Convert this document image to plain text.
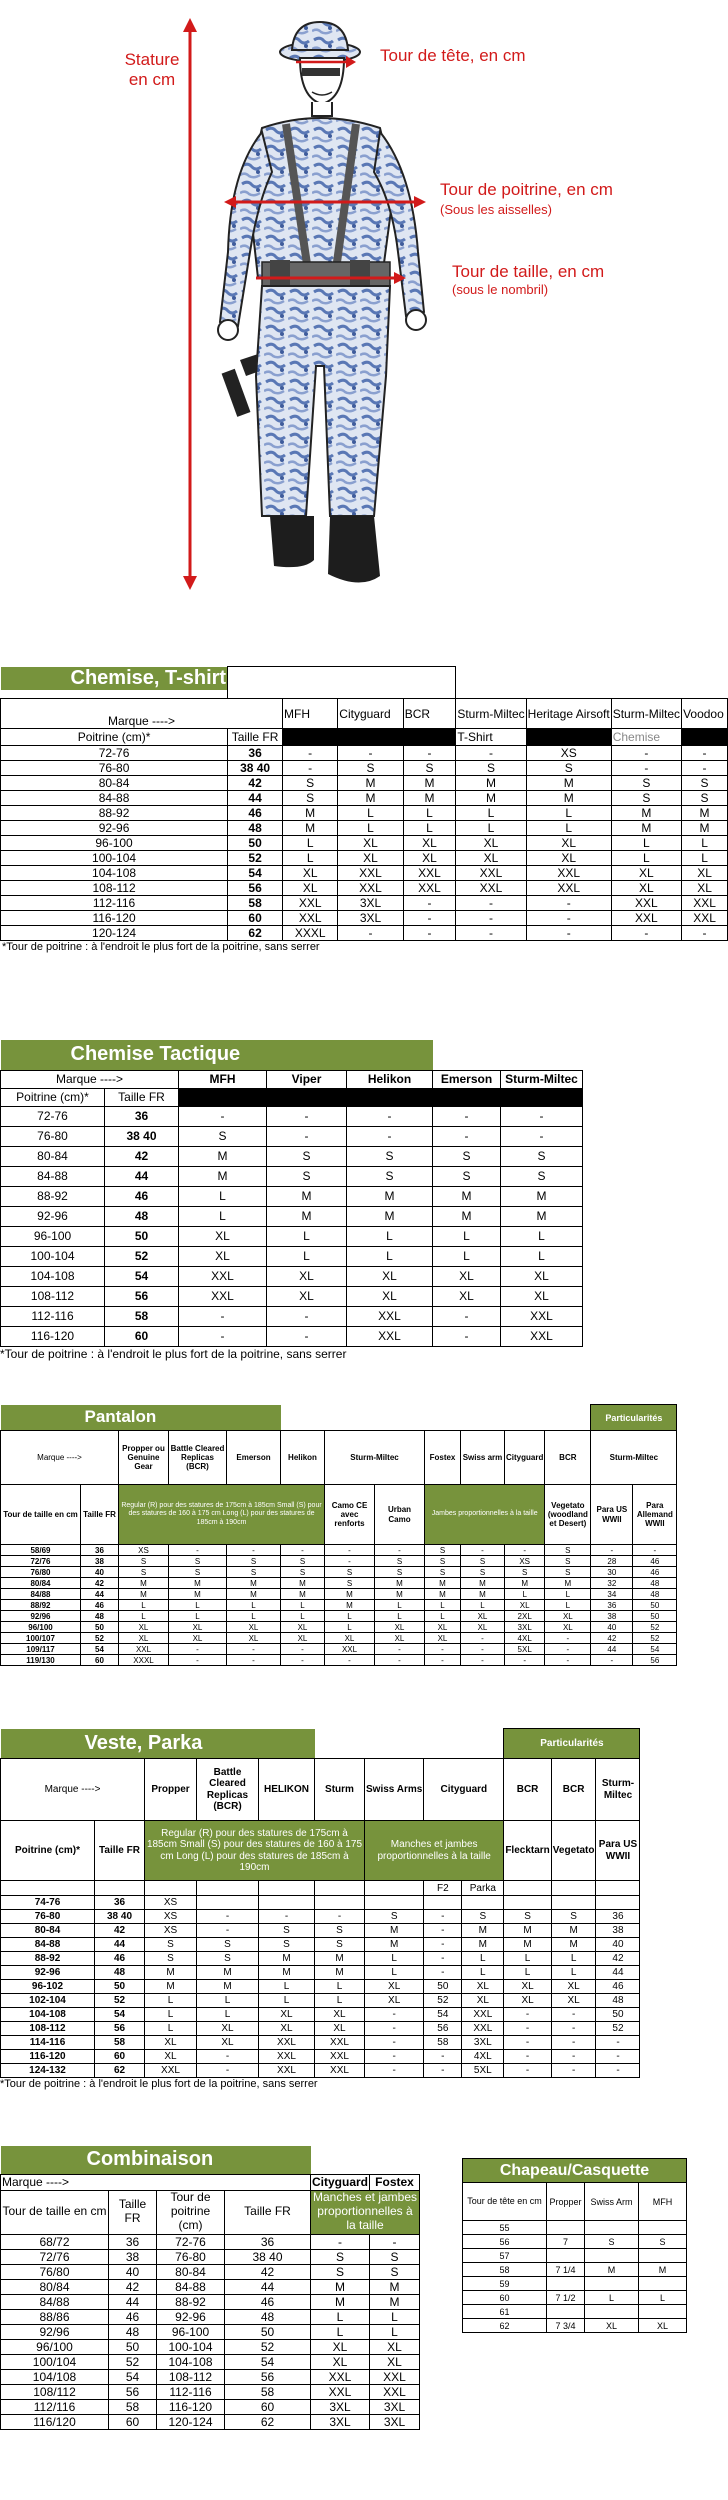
Stature
en cm
Tour de tête, en cm
Tour de poitrine, en cm
(Sous les aisselles)
Tour de taille, en cm
(sous le nombril)
Chemise, T-shirt

Marque ---->		MFH	Cityguard	BCR	Sturm-Miltec	Heritage Airsoft	Sturm-Miltec	Voodoo
Poitrine (cm)*	Taille FR				T-Shirt		Chemise	
72-76	36	-	-	-	-	XS	-	-
76-80	38 40	-	S	S	S	S	-	-
80-84	42	S	M	M	M	M	S	S
84-88	44	S	M	M	M	M	S	S
88-92	46	M	L	L	L	L	M	M
92-96	48	M	L	L	L	L	M	M
96-100	50	L	XL	XL	XL	XL	L	L
100-104	52	L	XL	XL	XL	XL	L	L
104-108	54	XL	XXL	XXL	XXL	XXL	XL	XL
108-112	56	XL	XXL	XXL	XXL	XXL	XL	XL
112-116	58	XXL	3XL	-	-	-	XXL	XXL
116-120	60	XXL	3XL	-	-	-	XXL	XXL
120-124	62	XXXL	-	-	-	-	-	-
*Tour de poitrine : à l'endroit le plus fort de la poitrine, sans serrer
Chemise Tactique						
Marque ---->		MFH	Viper	Helikon	Emerson	Sturm-Miltec
Poitrine (cm)*	Taille FR					
72-76	36	-	-	-	-	-
76-80	38 40	S	-	-	-	-
80-84	42	M	S	S	S	S
84-88	44	M	S	S	S	S
88-92	46	L	M	M	M	M
92-96	48	L	M	M	M	M
96-100	50	XL	L	L	L	L
100-104	52	XL	L	L	L	L
104-108	54	XXL	XL	XL	XL	XL
108-112	56	XXL	XL	XL	XL	XL
112-116	58	-	-	XXL	-	XXL
116-120	60	-	-	XXL	-	XXL
*Tour de poitrine : à l'endroit le plus fort de la poitrine, sans serrer
Pantalon												Particularités	
Marque ---->		Propper ou Genuine Gear	Battle Cleared Replicas (BCR)	Emerson	Helikon	Sturm-Miltec		Fostex	Swiss arm	Cityguard	BCR	Sturm-Miltec	
Tour de taille en cm	Taille FR	Regular (R) pour des statures de 175cm à 185cm Small (S) pour des statures de 160 à 175 cm Long (L) pour des statures de 185cm à 190cm				Camo CE avec renforts	Urban Camo	Jambes proportionnelles à la taille			Vegetato (woodland et Desert)	Para US WWII	Para Allemand WWII
58/69	36	XS	-	-	-	-	-	S	-	-	S	-	-
72/76	38	S	S	S	S	-	S	S	S	XS	S	28	46
76/80	40	S	S	S	S	S	S	S	S	S	S	30	46
80/84	42	M	M	M	M	S	M	M	M	M	M	32	48
84/88	44	M	M	M	M	M	M	M	M	L	L	34	48
88/92	46	L	L	L	L	M	L	L	L	XL	L	36	50
92/96	48	L	L	L	L	L	L	L	XL	2XL	XL	38	50
96/100	50	XL	XL	XL	XL	L	XL	XL	XL	3XL	XL	40	52
100/107	52	XL	XL	XL	XL	XL	XL	XL	-	4XL	-	42	52
109/117	54	XXL	-	-	-	XXL	-	-	-	5XL	-	44	54
119/130	60	XXXL	-	-	-	-	-	-	-	-	-	-	56
Veste, Parka									Particularités		
Marque ---->		Propper	Battle Cleared Replicas (BCR)	HELIKON	Sturm	Swiss Arms	Cityguard		BCR	BCR	Sturm-Miltec
Poitrine (cm)*	Taille FR	Regular (R) pour des statures de 175cm à 185cm Small (S) pour des statures de 160 à 175 cm Long (L) pour des statures de 185cm à 190cm				Manches et jambes proportionnelles à la taille			Flecktarn	Vegetato	Para US WWII
							F2	Parka			
74-76	36	XS									
76-80	38 40	XS	-	-	-	S	-	S	S	S	36
80-84	42	XS	-	S	S	M	-	M	M	M	38
84-88	44	S	S	S	S	M	-	M	M	M	40
88-92	46	S	S	M	M	L	-	L	L	L	42
92-96	48	M	M	M	M	L	-	L	L	L	44
96-102	50	M	M	L	L	XL	50	XL	XL	XL	46
102-104	52	L	L	L	L	XL	52	XL	XL	XL	48
104-108	54	L	L	XL	XL	-	54	XXL	-	-	50
108-112	56	L	XL	XL	XL	-	56	XXL	-	-	52
114-116	58	XL	XL	XXL	XXL	-	58	3XL	-	-	-
116-120	60	XL	-	XXL	XXL	-	-	4XL	-	-	-
124-132	62	XXL	-	XXL	XXL	-	-	5XL	-	-	-
*Tour de poitrine : à l'endroit le plus fort de la poitrine, sans serrer
Combinaison					
Marque ---->				Cityguard	Fostex
Tour de taille en cm	Taille FR	Tour de poitrine (cm)	Taille FR	Manches et jambes proportionnelles à la taille	
68/72	36	72-76	36	-	-
72/76	38	76-80	38 40	S	S
76/80	40	80-84	42	S	S
80/84	42	84-88	44	M	M
84/88	44	88-92	46	M	M
88/86	46	92-96	48	L	L
92/96	48	96-100	50	L	L
96/100	50	100-104	52	XL	XL
100/104	52	104-108	54	XL	XL
104/108	54	108-112	56	XXL	XXL
108/112	56	112-116	58	XXL	XXL
112/116	58	116-120	60	3XL	3XL
116/120	60	120-124	62	3XL	3XL
Chapeau/Casquette			
Tour de tête en cm	Propper	Swiss Arm	MFH
55			
56	7	S	S
57			
58	7 1/4	M	M
59			
60	7 1/2	L	L
61			
62	7 3/4	XL	XL
